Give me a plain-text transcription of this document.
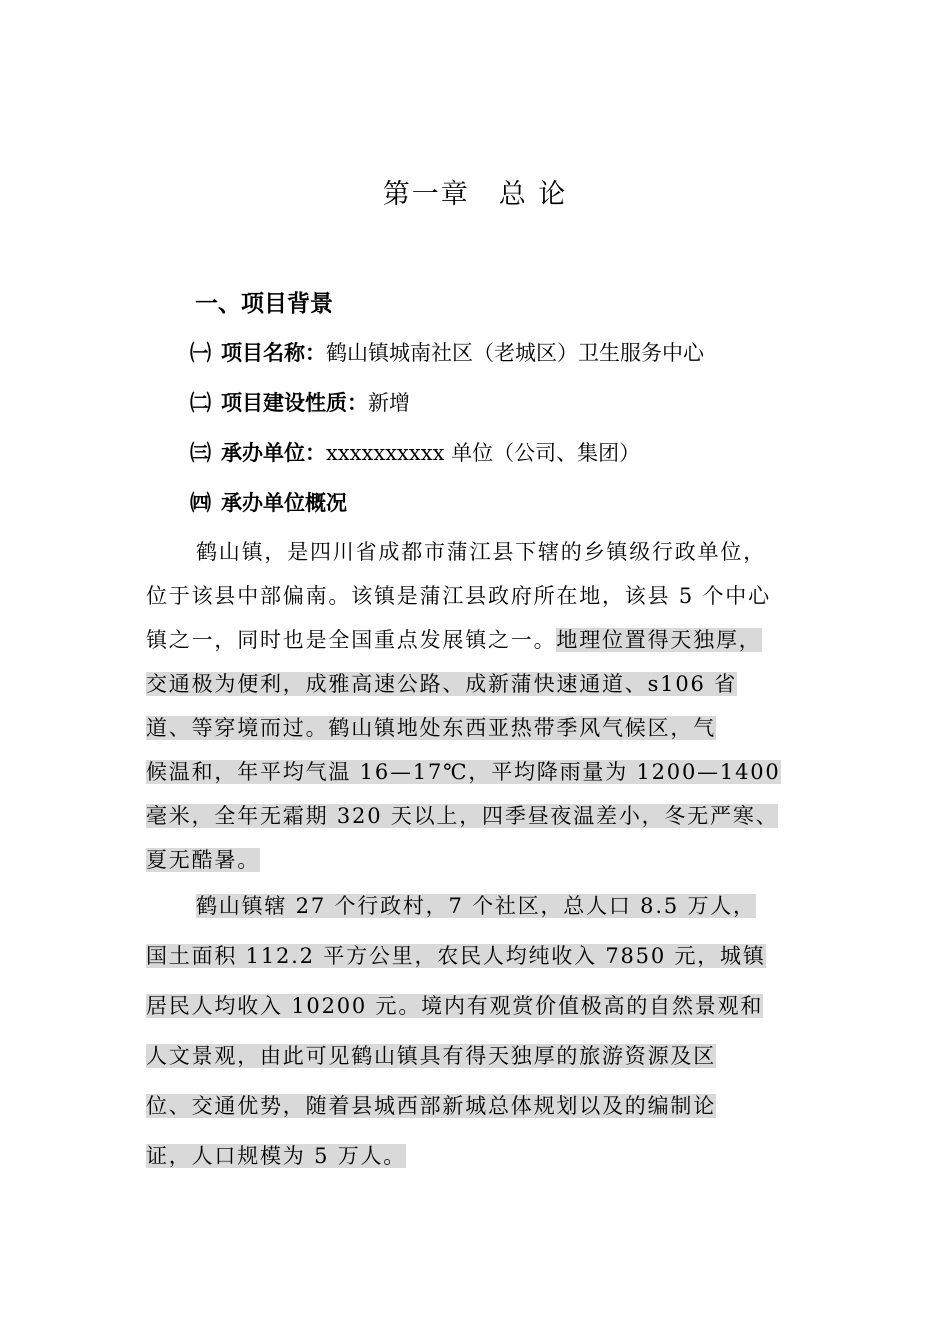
第一章　总 论
一、项目背景
㈠ 项目名称：鹤山镇城南社区（老城区）卫生服务中心
㈡ 项目建设性质：新增
㈢ 承办单位：xxxxxxxxxx 单位（公司、集团）
㈣ 承办单位概况
鹤山镇，是四川省成都市蒲江县下辖的乡镇级行政单位，
位于该县中部偏南。该镇是蒲江县政府所在地，该县 5 个中心
镇之一，同时也是全国重点发展镇之一。地理位置得天独厚，
交通极为便利，成雅高速公路、成新蒲快速通道、s106 省
道、等穿境而过。鹤山镇地处东西亚热带季风气候区，气
候温和，年平均气温 16—17℃，平均降雨量为 1200—1400
毫米，全年无霜期 320 天以上，四季昼夜温差小，冬无严寒、
夏无酷暑。
鹤山镇辖 27 个行政村，7 个社区，总人口 8.5 万人，
国土面积 112.2 平方公里，农民人均纯收入 7850 元，城镇
居民人均收入 10200 元。境内有观赏价值极高的自然景观和
人文景观，由此可见鹤山镇具有得天独厚的旅游资源及区
位、交通优势，随着县城西部新城总体规划以及的编制论
证，人口规模为 5 万人。
